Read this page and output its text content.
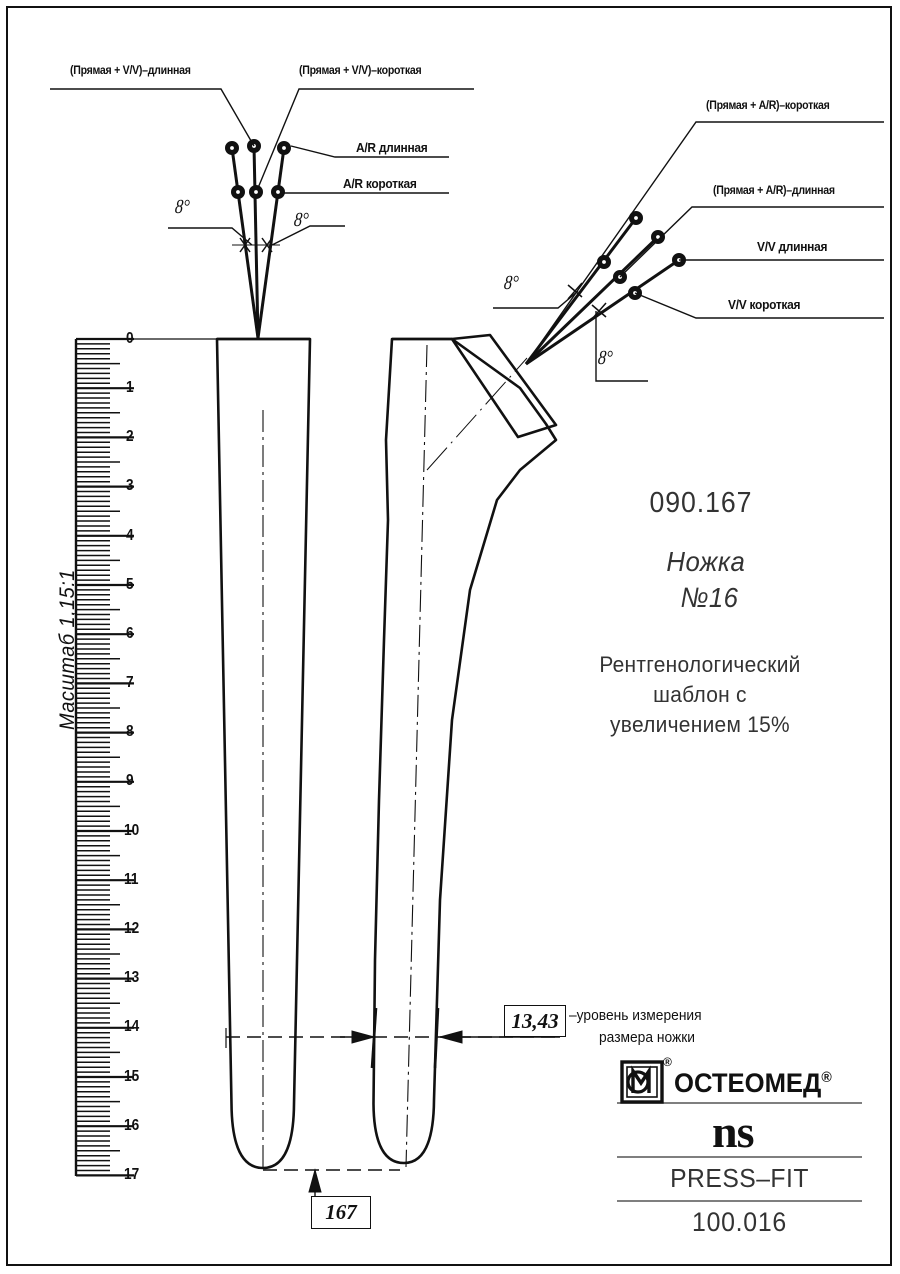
(Прямая + V/V)–длинная	(Прямая + V/V)–короткая
A/R длинная
A/R короткая
(Прямая + A/R)–короткая
(Прямая + A/R)–длинная
V/V длинная
V/V короткая
8°
8°
8°
8°
0
1
2
3
4
5
6
7
8
9
10
11
12
13
14
15
16
17
Масштаб 1,15:1
090.167
Ножка
№16
Рентгенологический
шаблон с
увеличением 15%
13,43 –уровень измерения
размера ножки
167
ОСТЕОМЕД®
®
ns
PRESS–FIT
100.016
